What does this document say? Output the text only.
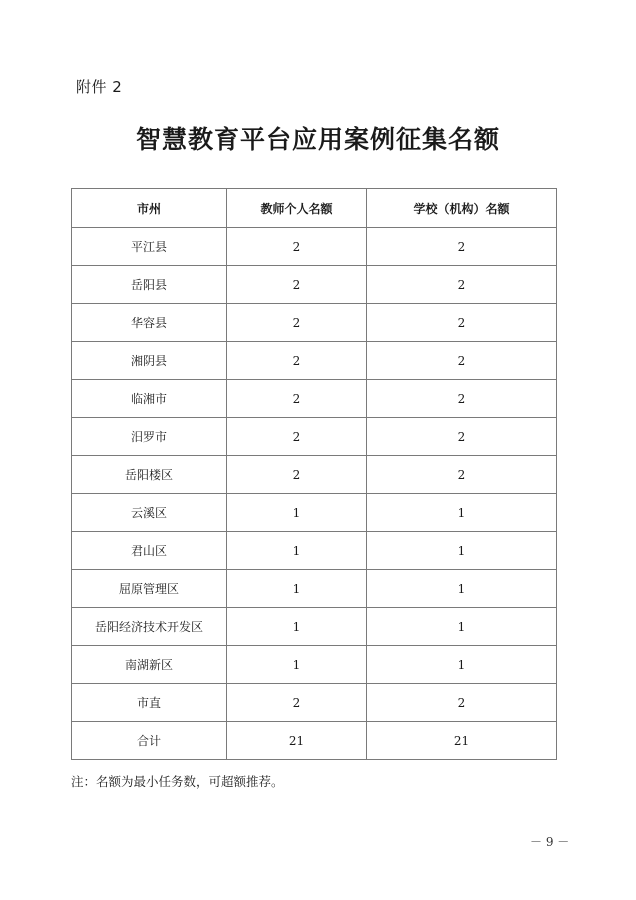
附件 2
智慧教育平台应用案例征集名额
市州	教师个人名额	学校（机构）名额
平江县	2	2
岳阳县	2	2
华容县	2	2
湘阴县	2	2
临湘市	2	2
汨罗市	2	2
岳阳楼区	2	2
云溪区	1	1
君山区	1	1
屈原管理区	1	1
岳阳经济技术开发区	1	1
南湖新区	1	1
市直	2	2
合计	21	21
注：名额为最小任务数，可超额推荐。
－ 9 －
